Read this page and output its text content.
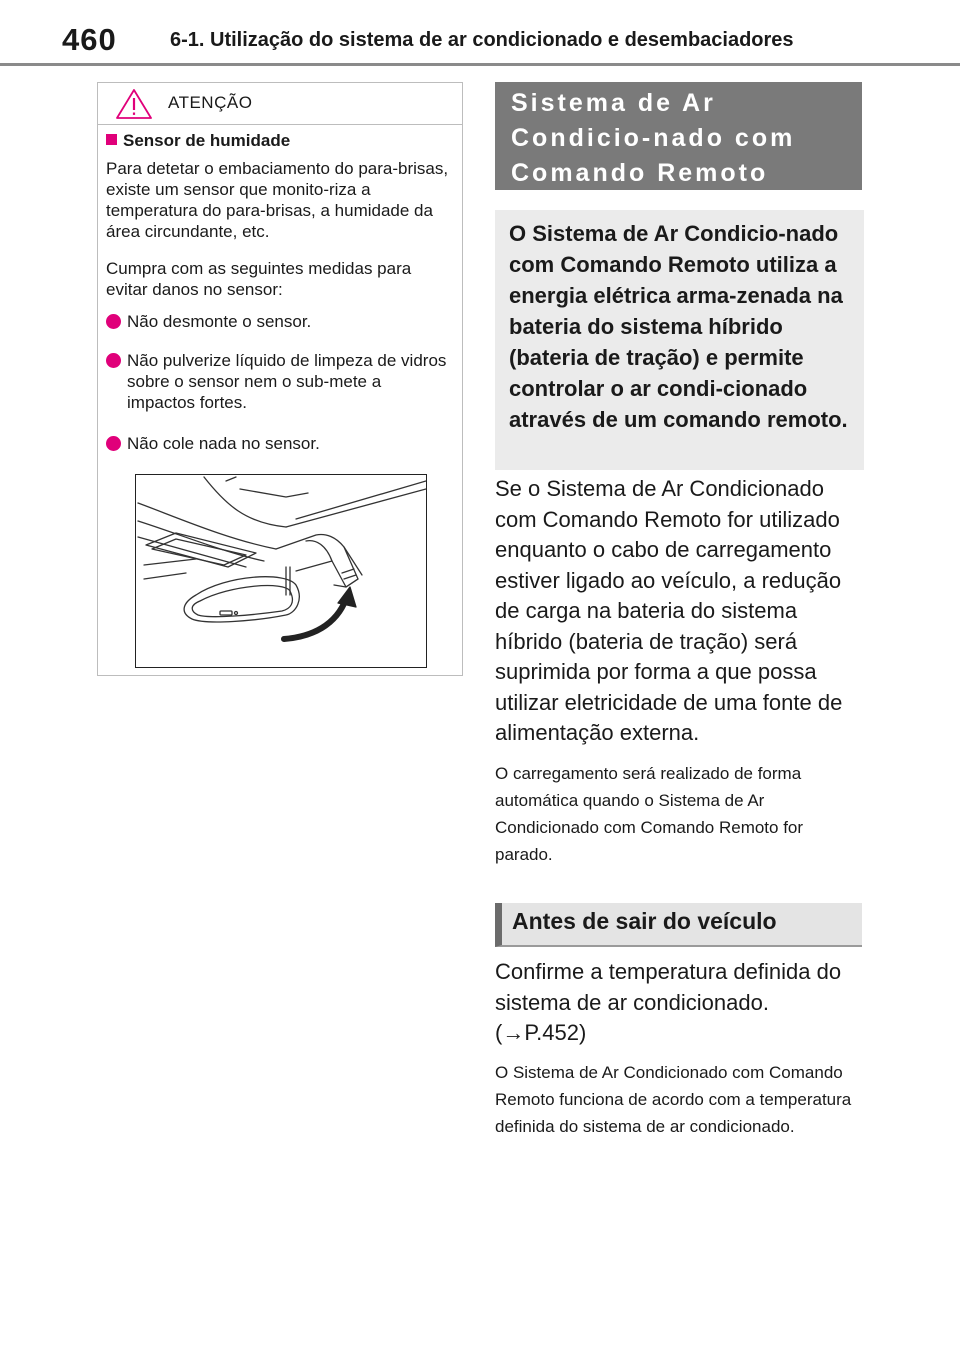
460	6-1. Utilização do sistema de ar condicionado e desembaciadores
ATENÇÃO
Sensor de humidade

Para detetar o embaciamento do para-brisas, existe um sensor que monito-riza a temperatura do para-brisas, a humidade da área circundante, etc.

Cumpra com as seguintes medidas para evitar danos no sensor:

Não desmonte o sensor.
Não pulverize líquido de limpeza de vidros sobre o sensor nem o sub-mete a impactos fortes.
Não cole nada no sensor.
Sistema de Ar Condicio-nado com Comando Remoto
O Sistema de Ar Condicio-nado com Comando Remoto utiliza a energia elétrica arma-zenada na bateria do sistema híbrido (bateria de tração) e permite controlar o ar condi-cionado através de um comando remoto.

Se o Sistema de Ar Condicionado com Comando Remoto for utilizado enquanto o cabo de carregamento estiver ligado ao veículo, a redução de carga na bateria do sistema híbrido (bateria de tração) será suprimida por forma a que possa utilizar eletricidade de uma fonte de alimentação externa.

O carregamento será realizado de forma automática quando o Sistema de Ar Condicionado com Comando Remoto for parado.

Antes de sair do veículo

Confirme a temperatura definida do sistema de ar condicionado. (→P.452)

O Sistema de Ar Condicionado com Comando Remoto funciona de acordo com a temperatura definida do sistema de ar condicionado.
